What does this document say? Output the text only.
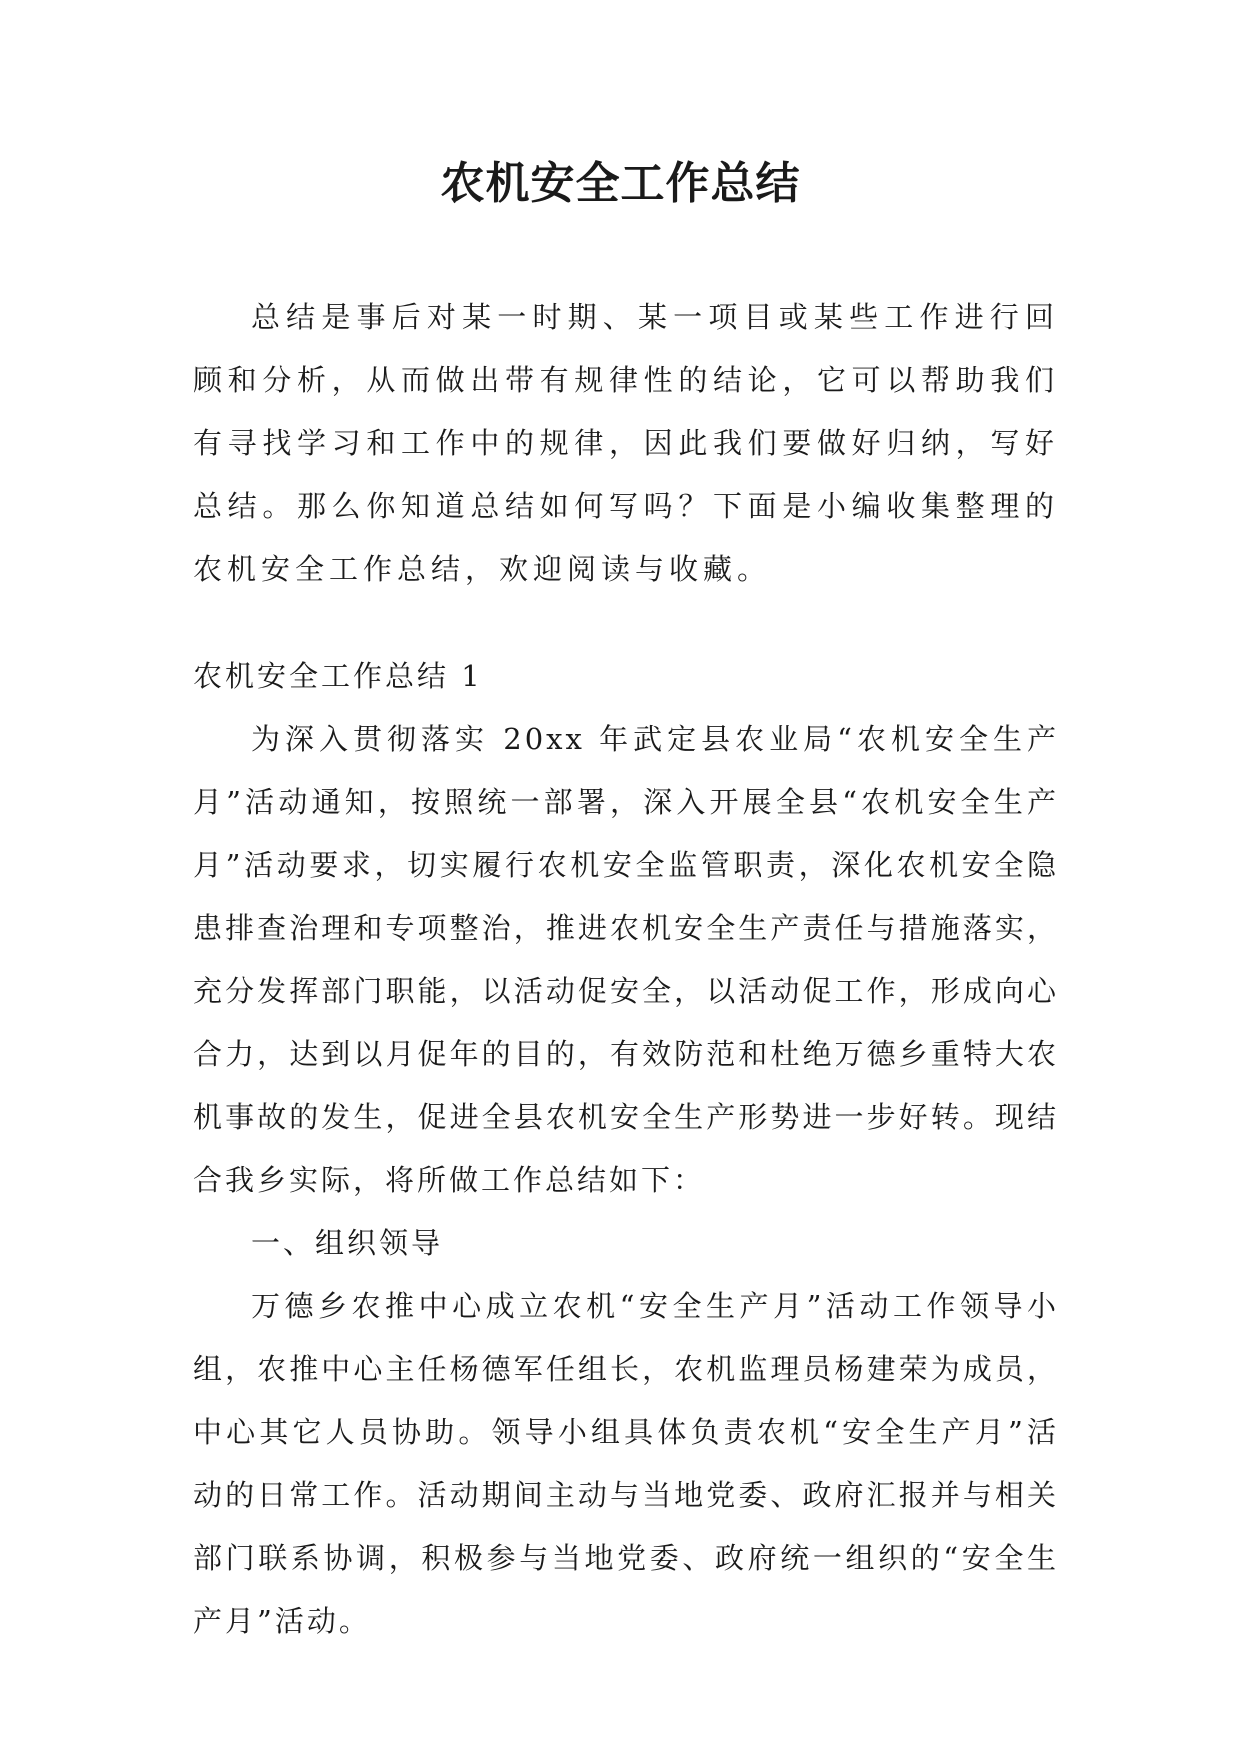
农机安全工作总结

总结是事后对某一时期、某一项目或某些工作进行回顾和分析，从而做出带有规律性的结论，它可以帮助我们有寻找学习和工作中的规律，因此我们要做好归纳，写好总结。那么你知道总结如何写吗？下面是小编收集整理的农机安全工作总结，欢迎阅读与收藏。

农机安全工作总结 1

为深入贯彻落实 20xx 年武定县农业局“农机安全生产月”活动通知，按照统一部署，深入开展全县“农机安全生产月”活动要求，切实履行农机安全监管职责，深化农机安全隐患排查治理和专项整治，推进农机安全生产责任与措施落实，充分发挥部门职能，以活动促安全，以活动促工作，形成向心合力，达到以月促年的目的，有效防范和杜绝万德乡重特大农机事故的发生，促进全县农机安全生产形势进一步好转。现结合我乡实际，将所做工作总结如下：

一、组织领导

万德乡农推中心成立农机“安全生产月”活动工作领导小组，农推中心主任杨德军任组长，农机监理员杨建荣为成员，中心其它人员协助。领导小组具体负责农机“安全生产月”活动的日常工作。活动期间主动与当地党委、政府汇报并与相关部门联系协调，积极参与当地党委、政府统一组织的“安全生产月”活动。
